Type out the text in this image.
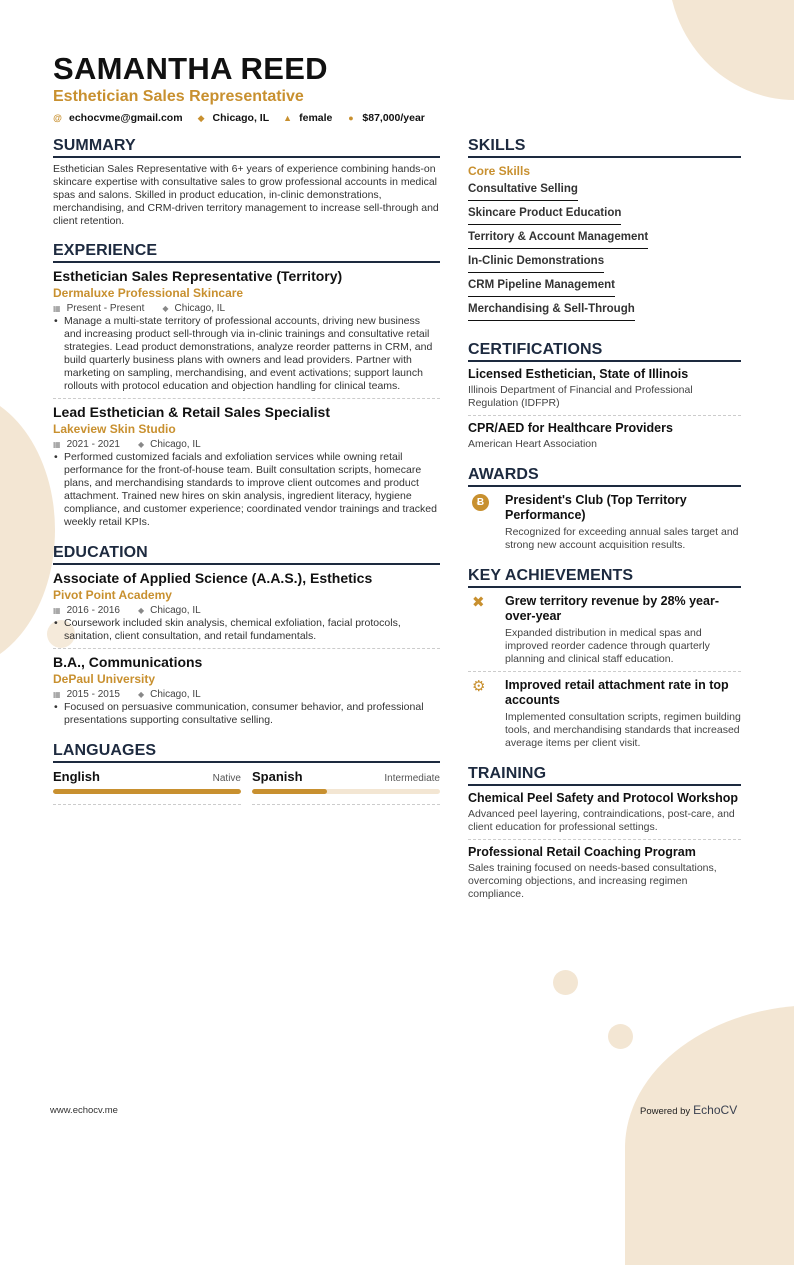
SAMANTHA REED
Esthetician Sales Representative
@ echocvme@gmail.com ◆ Chicago, IL ▲ female ● $87,000/year
SUMMARY

Esthetician Sales Representative with 6+ years of experience combining hands-on skincare expertise with consultative sales to grow professional accounts in medical spas and salons. Skilled in product education, in-clinic demonstrations, merchandising, and CRM-driven territory management to increase sell-through and client retention.

EXPERIENCE
Esthetician Sales Representative (Territory)
Dermaluxe Professional Skincare
▦ Present - Present ◆ Chicago, IL
• Manage a multi-state territory of professional accounts, driving new business and increasing product sell-through via in-clinic trainings and consultative retail strategies. Lead product demonstrations, analyze reorder patterns in CRM, and build quarterly business plans with owners and lead providers. Partner with marketing on sampling, merchandising, and event activations; support launch rollouts with protocol education and objection handling for clinical teams.
Lead Esthetician & Retail Sales Specialist
Lakeview Skin Studio
▦ 2021 - 2021 ◆ Chicago, IL
• Performed customized facials and exfoliation services while owning retail performance for the front-of-house team. Built consultation scripts, homecare plans, and merchandising standards to improve client outcomes and product attachment. Trained new hires on skin analysis, ingredient literacy, hygiene compliance, and customer experience; coordinated vendor trainings and tracked weekly retail KPIs.
EDUCATION
Associate of Applied Science (A.A.S.), Esthetics
Pivot Point Academy
▦ 2016 - 2016 ◆ Chicago, IL
• Coursework included skin analysis, chemical exfoliation, facial protocols, sanitation, client consultation, and retail fundamentals.
B.A., Communications
DePaul University
▦ 2015 - 2015 ◆ Chicago, IL
• Focused on persuasive communication, consumer behavior, and professional presentations supporting consultative selling.
LANGUAGES
English	Native Spanish	Intermediate
SKILLS
Core Skills
Consultative Selling
Skincare Product Education
Territory & Account Management
In-Clinic Demonstrations
CRM Pipeline Management
Merchandising & Sell-Through
CERTIFICATIONS
Licensed Esthetician, State of Illinois
Illinois Department of Financial and Professional Regulation (IDFPR)
CPR/AED for Healthcare Providers
American Heart Association
AWARDS
Ƀ	President's Club (Top Territory Performance)
Recognized for exceeding annual sales target and strong new account acquisition results.
KEY ACHIEVEMENTS
✖ Grew territory revenue by 28% year-over-year
Expanded distribution in medical spas and improved reorder cadence through quarterly planning and clinical staff education.
⚙ Improved retail attachment rate in top accounts
Implemented consultation scripts, regimen building tools, and merchandising standards that increased average items per client visit.
TRAINING
Chemical Peel Safety and Protocol Workshop
Advanced peel layering, contraindications, post-care, and client education for professional settings.
Professional Retail Coaching Program
Sales training focused on needs-based consultations, overcoming objections, and increasing regimen compliance.
www.echocv.me	Powered by EchoCV
